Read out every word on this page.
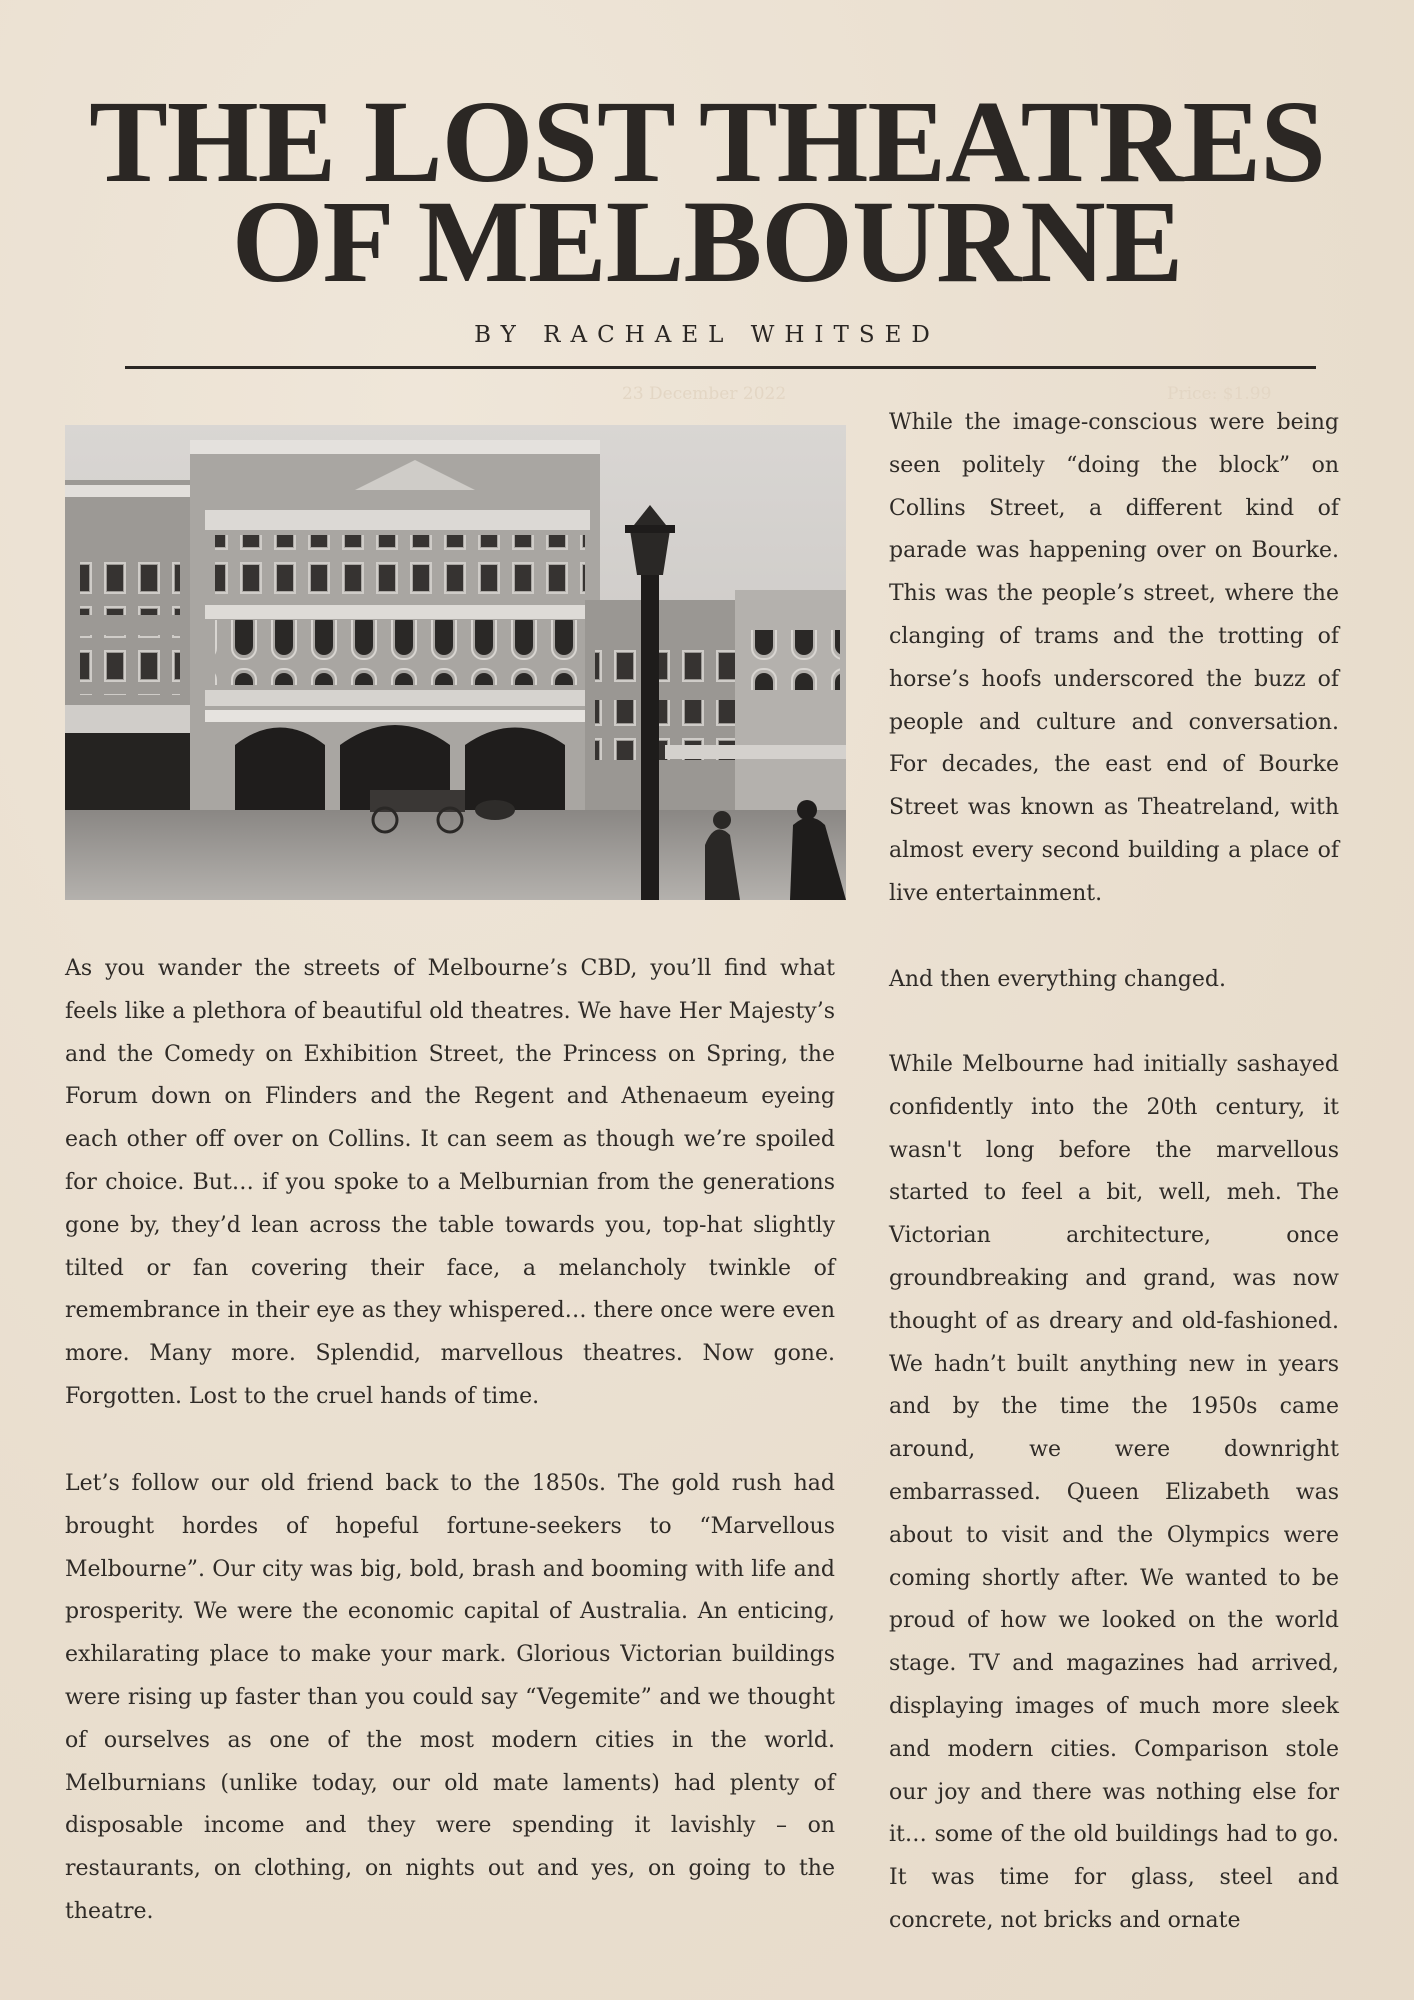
THE LOST THEATRES
OF MELBOURNE
BY RACHAEL WHITSED
23 December 2022	Price: $1.99

As you wander the streets of Melbourne’s CBD, you’ll find what feels like a plethora of beautiful old theatres. We have Her Majesty’s and the Comedy on Exhibition Street, the Princess on Spring, the Forum down on Flinders and the Regent and Athenaeum eyeing each other off over on Collins. It can seem as though we’re spoiled for choice. But… if you spoke to a Melburnian from the generations gone by, they’d lean across the table towards you, top-hat slightly tilted or fan covering their face, a melancholy twinkle of remembrance in their eye as they whispered… there once were even more. Many more. Splendid, marvellous theatres. Now gone. Forgotten. Lost to the cruel hands of time.

Let’s follow our old friend back to the 1850s. The gold rush had brought hordes of hopeful fortune-seekers to “Marvellous Melbourne”. Our city was big, bold, brash and booming with life and prosperity. We were the economic capital of Australia. An enticing, exhilarating place to make your mark. Glorious Victorian buildings were rising up faster than you could say “Vegemite” and we thought of ourselves as one of the most modern cities in the world. Melburnians (unlike today, our old mate laments) had plenty of disposable income and they were spending it lavishly – on restaurants, on clothing, on nights out and yes, on going to the theatre.

While the image-conscious were being seen politely “doing the block” on Collins Street, a different kind of parade was happening over on Bourke. This was the people’s street, where the clanging of trams and the trotting of horse’s hoofs underscored the buzz of people and culture and conversation. For decades, the east end of Bourke Street was known as Theatreland, with almost every second building a place of live entertainment.

And then everything changed.

While Melbourne had initially sashayed confidently into the 20th century, it wasn't long before the marvellous started to feel a bit, well, meh. The Victorian architecture, once groundbreaking and grand, was now thought of as dreary and old-fashioned. We hadn’t built anything new in years and by the time the 1950s came around, we were downright embarrassed. Queen Elizabeth was about to visit and the Olympics were coming shortly after. We wanted to be proud of how we looked on the world stage. TV and magazines had arrived, displaying images of much more sleek and modern cities. Comparison stole our joy and there was nothing else for it… some of the old buildings had to go. It was time for glass, steel and concrete, not bricks and ornate
